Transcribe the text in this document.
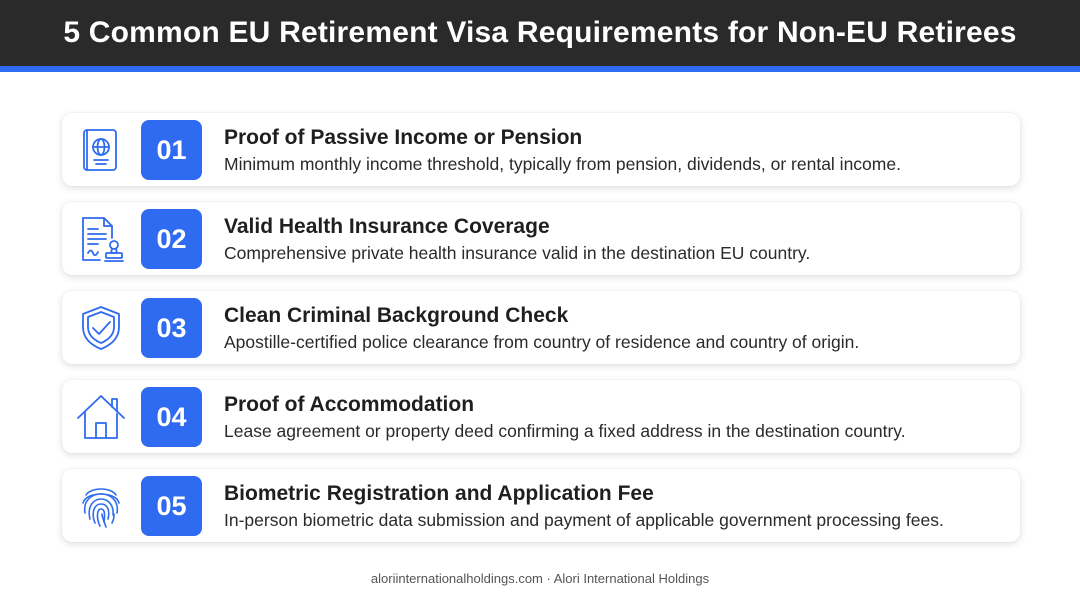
5 Common EU Retirement Visa Requirements for Non-EU Retirees
01	Proof of Passive Income or Pension
Minimum monthly income threshold, typically from pension, dividends, or rental income.
02	Valid Health Insurance Coverage
Comprehensive private health insurance valid in the destination EU country.
03	Clean Criminal Background Check
Apostille-certified police clearance from country of residence and country of origin.
04	Proof of Accommodation
Lease agreement or property deed confirming a fixed address in the destination country.
05	Biometric Registration and Application Fee
In-person biometric data submission and payment of applicable government processing fees.
aloriinternationalholdings.com · Alori International Holdings
